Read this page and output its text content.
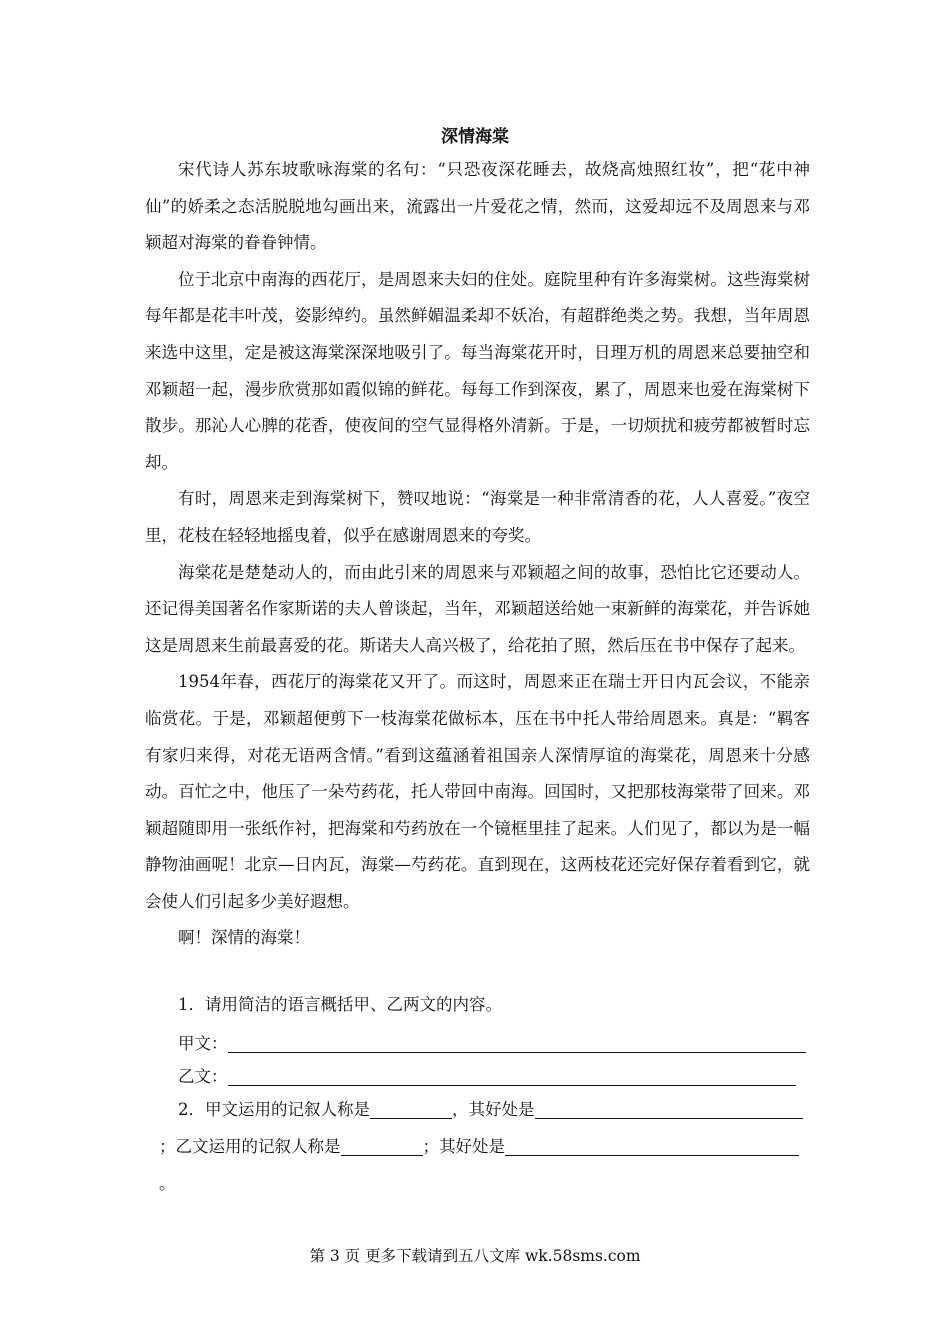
深情海棠

宋代诗人苏东坡歌咏海棠的名句：“只恐夜深花睡去，故烧高烛照红妆”，把“花中神仙”的娇柔之态活脱脱地勾画出来，流露出一片爱花之情，然而，这爱却远不及周恩来与邓颖超对海棠的眷眷钟情。

位于北京中南海的西花厅，是周恩来夫妇的住处。庭院里种有许多海棠树。这些海棠树每年都是花丰叶茂，姿影绰约。虽然鲜媚温柔却不妖冶，有超群绝类之势。我想，当年周恩来选中这里，定是被这海棠深深地吸引了。每当海棠花开时，日理万机的周恩来总要抽空和邓颖超一起，漫步欣赏那如霞似锦的鲜花。每每工作到深夜，累了，周恩来也爱在海棠树下散步。那沁人心脾的花香，使夜间的空气显得格外清新。于是，一切烦扰和疲劳都被暂时忘却。

有时，周恩来走到海棠树下，赞叹地说：“海棠是一种非常清香的花，人人喜爱。”夜空里，花枝在轻轻地摇曳着，似乎在感谢周恩来的夸奖。

海棠花是楚楚动人的，而由此引来的周恩来与邓颖超之间的故事，恐怕比它还要动人。还记得美国著名作家斯诺的夫人曾谈起，当年，邓颖超送给她一束新鲜的海棠花，并告诉她这是周恩来生前最喜爱的花。斯诺夫人高兴极了，给花拍了照，然后压在书中保存了起来。

1954年春，西花厅的海棠花又开了。而这时，周恩来正在瑞士开日内瓦会议，不能亲临赏花。于是，邓颖超便剪下一枝海棠花做标本，压在书中托人带给周恩来。真是：“羁客有家归来得，对花无语两含情。”看到这蕴涵着祖国亲人深情厚谊的海棠花，周恩来十分感动。百忙之中，他压了一朵芍药花，托人带回中南海。回国时，又把那枝海棠带了回来。邓颖超随即用一张纸作衬，把海棠和芍药放在一个镜框里挂了起来。人们见了，都以为是一幅静物油画呢！北京—日内瓦，海棠—芍药花。直到现在，这两枝花还完好保存着看到它，就会使人们引起多少美好遐想。

啊！深情的海棠！

1．请用简洁的语言概括甲、乙两文的内容。
甲文：
乙文：
2．甲文运用的记叙人称是	，其好处是
；乙文运用的记叙人称是	；其好处是
。
第 3 页 更多下载请到五八文库 wk.58sms.com
